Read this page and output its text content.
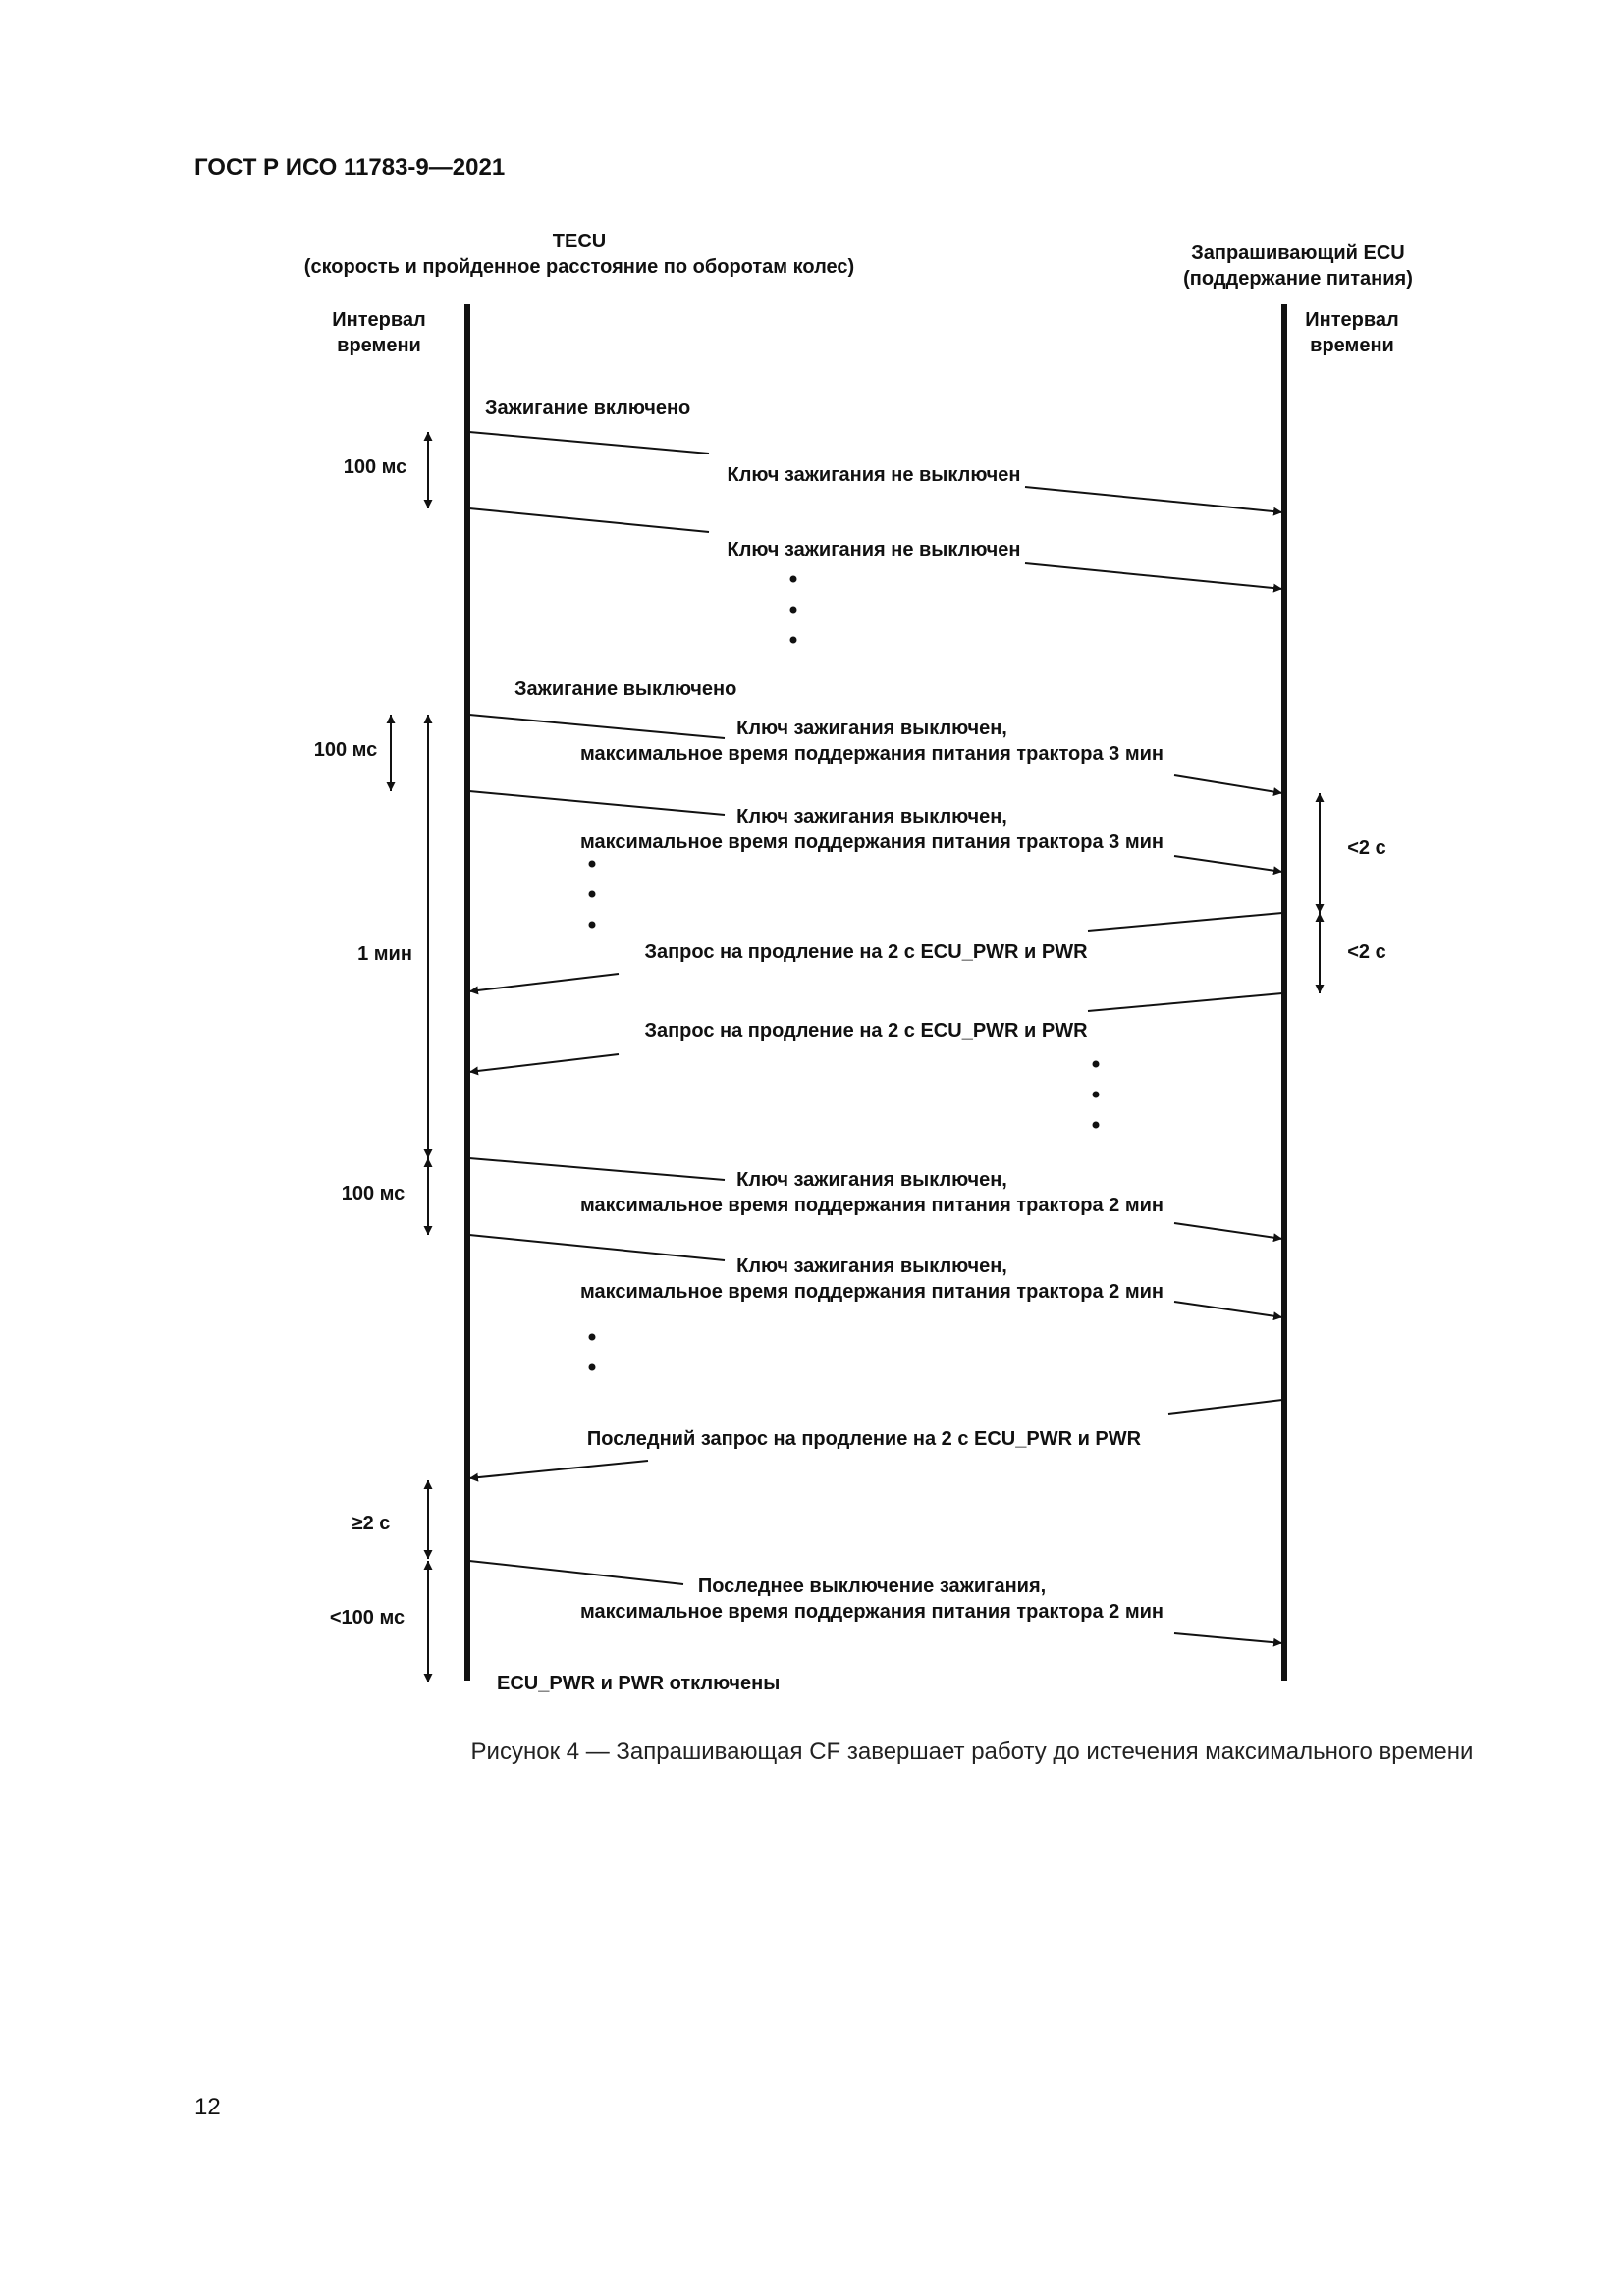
ГОСТ Р ИСО 11783-9—2021
TECU
(скорость и пройденное расстояние по оборотам колес)
Запрашивающий ECU
(поддержание питания)
Интервал
времени
Интервал
времени
Зажигание включено
Зажигание выключено
ECU_PWR и PWR отключены
Ключ зажигания не выключен
Ключ зажигания не выключен
Ключ зажигания выключен,
максимальное время поддержания питания трактора 3 мин
Ключ зажигания выключен,
максимальное время поддержания питания трактора 3 мин
Запрос на продление на 2 с ECU_PWR и PWR
Запрос на продление на 2 с ECU_PWR и PWR
Ключ зажигания выключен,
максимальное время поддержания питания трактора 2 мин
Ключ зажигания выключен,
максимальное время поддержания питания трактора 2 мин
Последний запрос на продление на 2 с ECU_PWR и PWR
Последнее выключение зажигания,
максимальное время поддержания питания трактора 2 мин
100 мс
100 мс
1 мин
100 мс
≥2 с
<100 мс
<2 с
<2 с
Рисунок 4 — Запрашивающая CF завершает работу до истечения максимального времени
12
